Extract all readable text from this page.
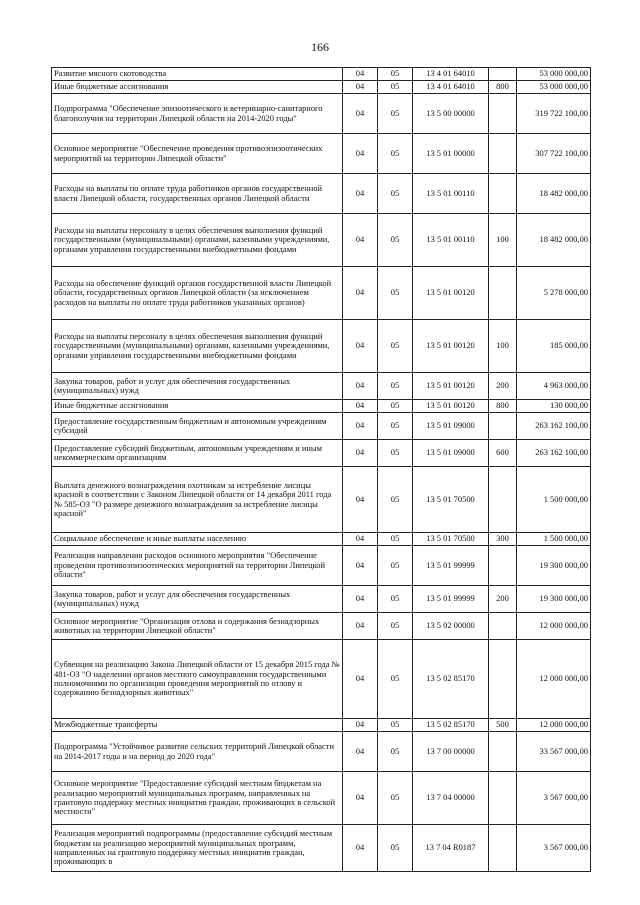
166
Развитие мясного скотоводства	04	05	13 4 01 64010		53 000 000,00
Иные бюджетные ассигнования	04	05	13 4 01 64010	800	53 000 000,00
Подпрограмма "Обеспечение эпизоотического и ветеринарно-санитарного благополучия на территории Липецкой области на 2014-2020 годы"	04	05	13 5 00 00000		319 722 100,00
Основное мероприятие "Обеспечение проведения противоэпизоотических мероприятий на территории Липецкой области"	04	05	13 5 01 00000		307 722 100,00
Расходы на выплаты по оплате труда работников органов государственной власти Липецкой области, государственных органов Липецкой области	04	05	13 5 01 00110		18 482 000,00
Расходы на выплаты персоналу в целях обеспечения выполнения функций государственными (муниципальными) органами, казенными учреждениями, органами управления государственными внебюджетными фондами	04	05	13 5 01 00110	100	18 482 000,00
Расходы на обеспечение функций органов государственной власти Липецкой области, государственных органов Липецкой области (за исключением расходов на выплаты по оплате труда работников указанных органов)	04	05	13 5 01 00120		5 278 000,00
Расходы на выплаты персоналу в целях обеспечения выполнения функций государственными (муниципальными) органами, казенными учреждениями, органами управления государственными внебюджетными фондами	04	05	13 5 01 00120	100	185 000,00
Закупка товаров, работ и услуг для обеспечения государственных (муниципальных) нужд	04	05	13 5 01 00120	200	4 963 000,00
Иные бюджетные ассигнования	04	05	13 5 01 00120	800	130 000,00
Предоставление государственным бюджетным и автономным учреждениям субсидий	04	05	13 5 01 09000		263 162 100,00
Предоставление субсидий бюджетным, автономным учреждениям и иным некоммерческим организациям	04	05	13 5 01 09000	600	263 162 100,00
Выплата денежного вознаграждения охотникам за истребление лисицы красной в соответствии с Законом Липецкой области от 14 декабря 2011 года № 585-ОЗ "О размере денежного вознаграждения за истребление лисицы красной"	04	05	13 5 01 70500		1 500 000,00
Социальное обеспечение и иные выплаты населению	04	05	13 5 01 70500	300	1 500 000,00
Реализация направления расходов основного мероприятия "Обеспечение проведения противоэпизоотических мероприятий на территории Липецкой области"	04	05	13 5 01 99999		19 300 000,00
Закупка товаров, работ и услуг для обеспечения государственных (муниципальных) нужд	04	05	13 5 01 99999	200	19 300 000,00
Основное мероприятие "Организация отлова и содержания безнадзорных животных на территории Липецкой области"	04	05	13 5 02 00000		12 000 000,00
Субвенция на реализацию Закона Липецкой области от 15 декабря 2015 года № 481-ОЗ "О наделении органов местного самоуправления государственными полномочиями по организации проведения мероприятий по отлову и содержанию безнадзорных животных"	04	05	13 5 02 85170		12 000 000,00
Межбюджетные трансферты	04	05	13 5 02 85170	500	12 000 000,00
Подпрограмма "Устойчивое развитие сельских территорий Липецкой области на 2014-2017 годы и на период до 2020 года"	04	05	13 7 00 00000		33 567 000,00
Основное мероприятие "Предоставление субсидий местным бюджетам на реализацию мероприятий муниципальных программ, направленных на грантовую поддержку местных инициатив граждан, проживающих в сельской местности"	04	05	13 7 04 00000		3 567 000,00
Реализация мероприятий подпрограммы (предоставление субсидий местным бюджетам на реализацию мероприятий муниципальных программ, направленных на грантовую поддержку местных инициатив граждан, проживающих в	04	05	13 7 04 R0187		3 567 000,00
